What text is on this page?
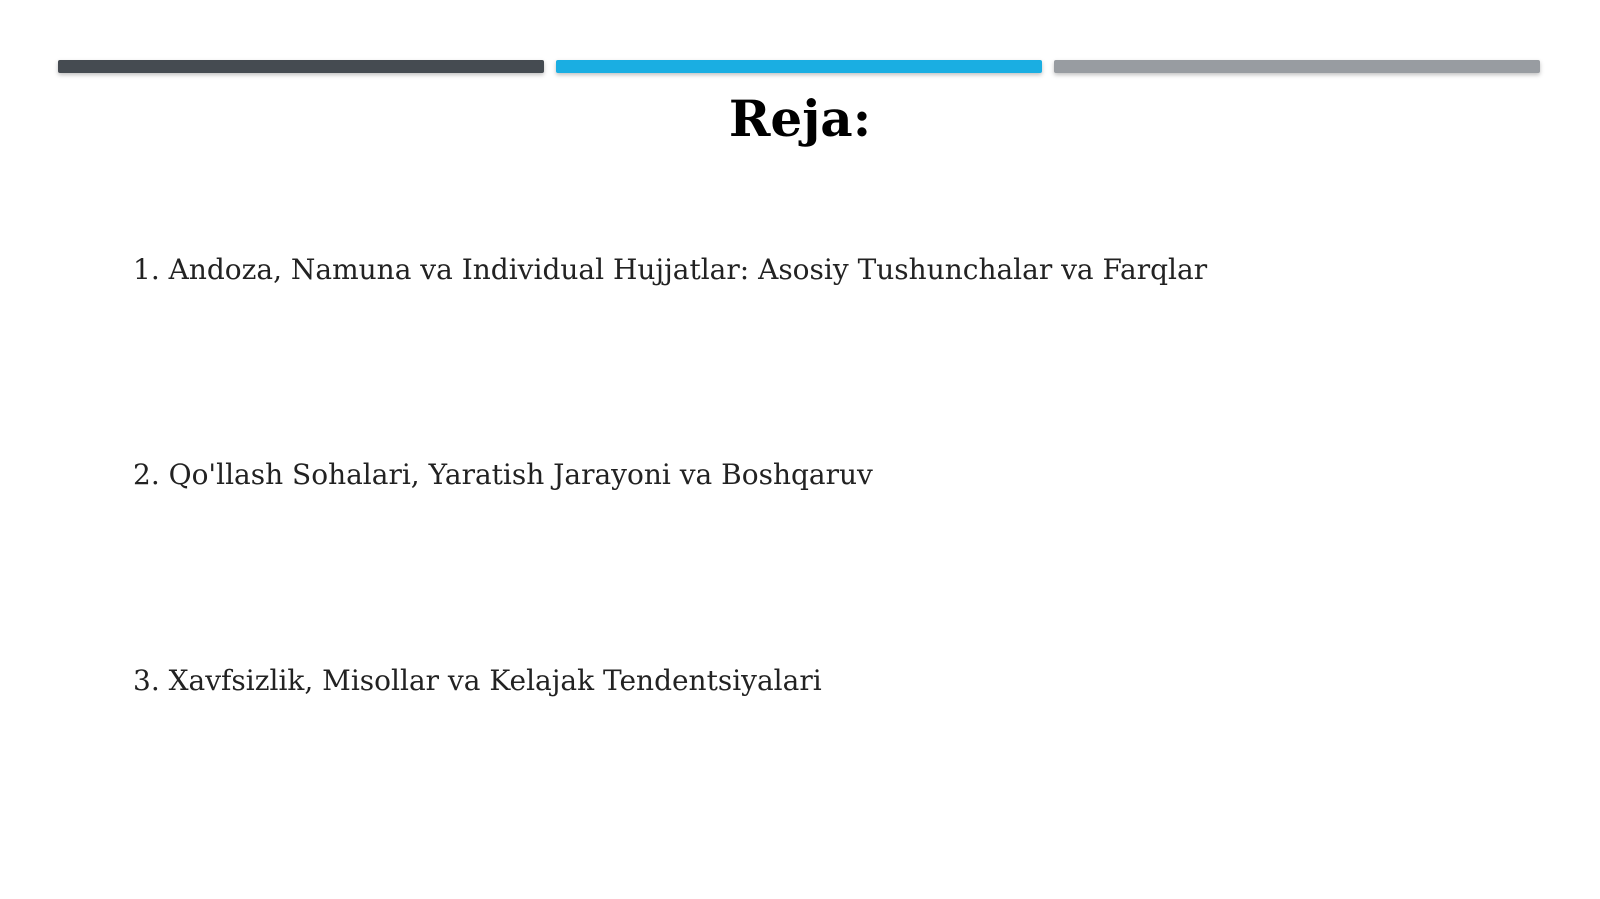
Reja:
1. Andoza, Namuna va Individual Hujjatlar: Asosiy Tushunchalar va Farqlar
2. Qo'llash Sohalari, Yaratish Jarayoni va Boshqaruv
3. Xavfsizlik, Misollar va Kelajak Tendentsiyalari
